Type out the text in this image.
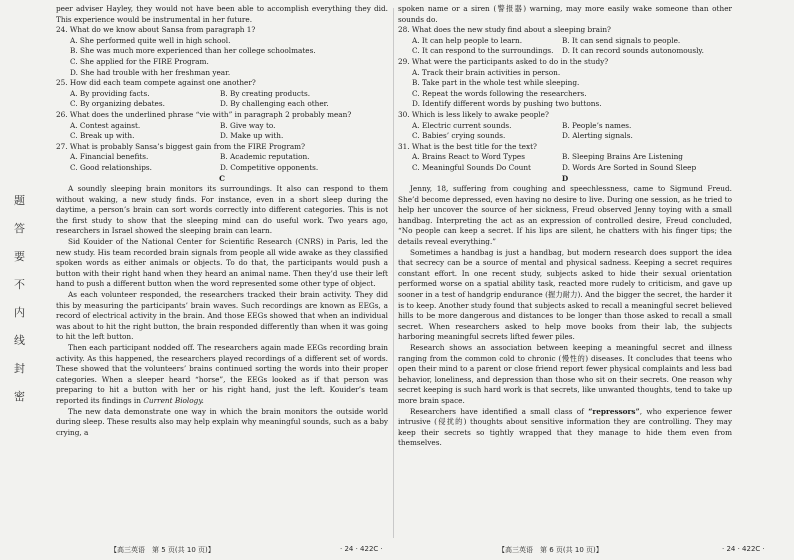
题
答
要
不
内
线
封
密
peer adviser Hayley, they would not have been able to accomplish everything they did. This experience would be instrumental in her future.
24. What do we know about Sansa from paragraph 1?
A. She performed quite well in high school.
B. She was much more experienced than her college schoolmates.
C. She applied for the FIRE Program.
D. She had trouble with her freshman year.
25. How did each team compete against one another?
A. By providing facts.	B. By creating products.
C. By organizing debates.	D. By challenging each other.
26. What does the underlined phrase “vie with” in paragraph 2 probably mean?
A. Contest against.	B. Give way to.
C. Break up with.	D. Make up with.
27. What is probably Sansa’s biggest gain from the FIRE Program?
A. Financial benefits.	B. Academic reputation.
C. Good relationships.	D. Competitive opponents.
C
A soundly sleeping brain monitors its surroundings. It also can respond to them without waking, a new study finds. For instance, even in a short sleep during the daytime, a person’s brain can sort words correctly into different categories. This is not the first study to show that the sleeping mind can do useful work. Two years ago, researchers in Israel showed the sleeping brain can learn.
Sid Kouider of the National Center for Scientific Research (CNRS) in Paris, led the new study. His team recorded brain signals from people all wide awake as they classified spoken words as either animals or objects. To do that, the participants would push a button with their right hand when they heard an animal name. Then they’d use their left hand to push a different button when the word represented some other type of object.
As each volunteer responded, the researchers tracked their brain activity. They did this by measuring the participants’ brain waves. Such recordings are known as EEGs, a record of electrical activity in the brain. And those EEGs showed that when an individual was about to hit the right button, the brain responded differently than when it was going to hit the left button.
Then each participant nodded off. The researchers again made EEGs recording brain activity. As this happened, the researchers played recordings of a different set of words. These showed that the volunteers’ brains continued sorting the words into their proper categories. When a sleeper heard “horse”, the EEGs looked as if that person was preparing to hit a button with her or his right hand, just the left. Kouider’s team reported its findings in Current Biology.
The new data demonstrate one way in which the brain monitors the outside world during sleep. These results also may help explain why meaningful sounds, such as a baby crying, a
spoken name or a siren (警报器) warning, may more easily wake someone than other sounds do.
28. What does the new study find about a sleeping brain?
A. It can help people to learn.	B. It can send signals to people.
C. It can respond to the surroundings.	D. It can record sounds autonomously.
29. What were the participants asked to do in the study?
A. Track their brain activities in person.
B. Take part in the whole test while sleeping.
C. Repeat the words following the researchers.
D. Identify different words by pushing two buttons.
30. Which is less likely to awake people?
A. Electric current sounds.	B. People’s names.
C. Babies’ crying sounds.	D. Alerting signals.
31. What is the best title for the text?
A. Brains React to Word Types	B. Sleeping Brains Are Listening
C. Meaningful Sounds Do Count	D. Words Are Sorted in Sound Sleep
D
Jenny, 18, suffering from coughing and speechlessness, came to Sigmund Freud. She’d become depressed, even having no desire to live. During one session, as he tried to help her uncover the source of her sickness, Freud observed Jenny toying with a small handbag. Interpreting the act as an expression of controlled desire, Freud concluded, “No people can keep a secret. If his lips are silent, he chatters with his finger tips; the details reveal everything.”
Sometimes a handbag is just a handbag, but modern research does support the idea that secrecy can be a source of mental and physical sadness. Keeping a secret requires constant effort. In one recent study, subjects asked to hide their sexual orientation performed worse on a spatial ability task, reacted more rudely to criticism, and gave up sooner in a test of handgrip endurance (握力耐力). And the bigger the secret, the harder it is to keep. Another study found that subjects asked to recall a meaningful secret believed hills to be more dangerous and distances to be longer than those asked to recall a small secret. When researchers asked to help move books from their lab, the subjects harboring meaningful secrets lifted fewer piles.
Research shows an association between keeping a meaningful secret and illness ranging from the common cold to chronic (慢性的) diseases. It concludes that teens who open their mind to a parent or close friend report fewer physical complaints and less bad behavior, loneliness, and depression than those who sit on their secrets. One reason why secret keeping is such hard work is that secrets, like unwanted thoughts, tend to take up more brain space.
Researchers have identified a small class of “repressors”, who experience fewer intrusive (侵扰的) thoughts about sensitive information they are controlling. They may keep their secrets so tightly wrapped that they manage to hide them even from themselves.
【高三英语　第 5 页(共 10 页)】	· 24 · 422C ·	【高三英语　第 6 页(共 10 页)】	· 24 · 422C ·
